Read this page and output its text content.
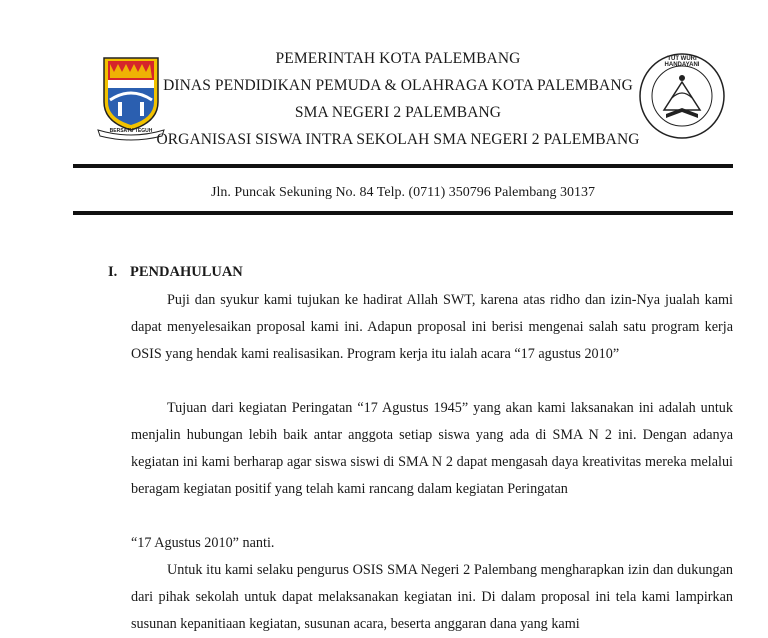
BERSATU TEGUH
PEMERINTAH KOTA PALEMBANG
DINAS PENDIDIKAN PEMUDA & OLAHRAGA KOTA PALEMBANG
SMA NEGERI 2 PALEMBANG
ORGANISASI SISWA INTRA SEKOLAH SMA NEGERI 2 PALEMBANG
TUT WURI HANDAYANI
Jln. Puncak Sekuning No. 84 Telp. (0711) 350796 Palembang 30137
I. PENDAHULUAN
Puji dan syukur kami tujukan ke hadirat Allah SWT, karena atas ridho dan izin-Nya jualah kami dapat menyelesaikan proposal kami ini. Adapun proposal ini berisi mengenai salah satu program kerja OSIS yang hendak kami realisasikan. Program kerja itu ialah acara “17 agustus 2010”
Tujuan dari kegiatan Peringatan “17 Agustus 1945” yang akan kami laksanakan ini adalah untuk menjalin hubungan lebih baik antar anggota setiap siswa yang ada di SMA N 2 ini. Dengan adanya kegiatan ini kami berharap agar siswa siswi di SMA N 2 dapat mengasah daya kreativitas mereka melalui beragam kegiatan positif yang telah kami rancang dalam kegiatan Peringatan
“17 Agustus 2010” nanti.
Untuk itu kami selaku pengurus OSIS SMA Negeri 2 Palembang mengharapkan izin dan dukungan dari pihak sekolah untuk dapat melaksanakan kegiatan ini. Di dalam proposal ini tela kami lampirkan susunan kepanitiaan kegiatan, susunan acara, beserta anggaran dana yang kami
